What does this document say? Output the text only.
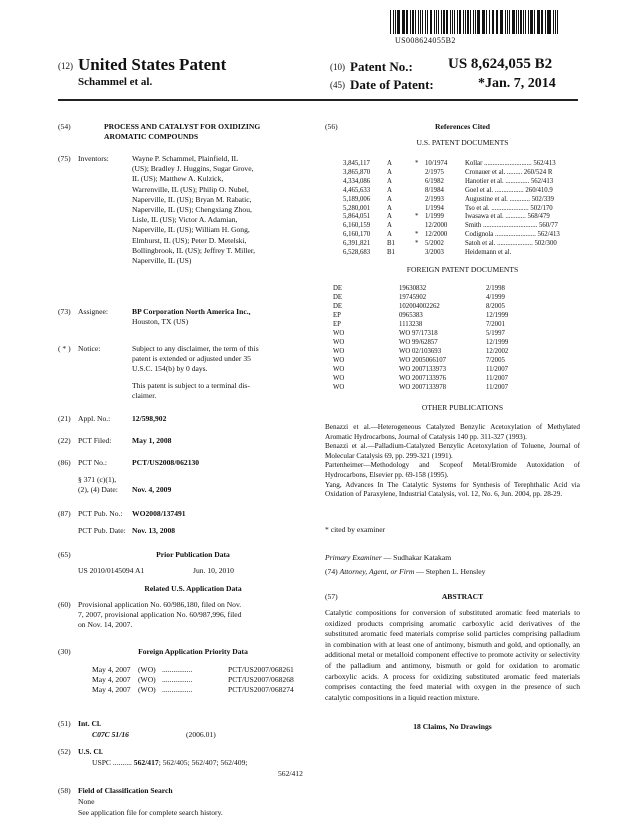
US008624055B2
(12) United States Patent
Schammel et al.
(10) Patent No.: US 8,624,055 B2
(45) Date of Patent:	*Jan. 7, 2014
(54)	PROCESS AND CATALYST FOR OXIDIZING
AROMATIC COMPOUNDS
(75) Inventors:	Wayne P. Schammel, Plainfield, IL
(US); Bradley J. Huggins, Sugar Grove,
IL (US); Matthew A. Kulzick,
Warrenville, IL (US); Philip O. Nubel,
Naperville, IL (US); Bryan M. Rabatic,
Naperville, IL (US); Chengxiang Zhou,
Lisle, IL (US); Victor A. Adamian,
Naperville, IL (US); William H. Gong,
Elmhurst, IL (US); Peter D. Metelski,
Bollingbrook, IL (US); Jeffrey T. Miller,
Naperville, IL (US)
(73) Assignee:	BP Corporation North America Inc.,
Houston, TX (US)
( * ) Notice:	Subject to any disclaimer, the term of this
patent is extended or adjusted under 35
U.S.C. 154(b) by 0 days.
This patent is subject to a terminal dis-
claimer.
(21) Appl. No.:	12/598,902
(22) PCT Filed:	May 1, 2008
(86) PCT No.:	PCT/US2008/062130
§ 371 (c)(1),
(2), (4) Date: Nov. 4, 2009
(87) PCT Pub. No.: WO2008/137491
PCT Pub. Date: Nov. 13, 2008
(65)	Prior Publication Data
US 2010/0145094 A1	Jun. 10, 2010
Related U.S. Application Data
(60) Provisional application No. 60/986,180, filed on Nov.
7, 2007, provisional application No. 60/987,996, filed
on Nov. 14, 2007.
(30)	Foreign Application Priority Data
May 4, 2007 (WO) ................	PCT/US2007/068261
May 4, 2007 (WO) ................	PCT/US2007/068268
May 4, 2007 (WO) ................	PCT/US2007/068274
(51) Int. Cl.
C07C 51/16	(2006.01)
(52) U.S. Cl.
USPC .......... 562/417; 562/405; 562/407; 562/409;
562/412
(58) Field of Classification Search
None
See application file for complete search history.
(56)	References Cited
U.S. PATENT DOCUMENTS
3,845,117	A	* 10/1974	Kollar ............................ 562/413
3,865,870	A	2/1975	Cronauer et al. ......... 260/524 R
4,334,086	A	6/1982	Hanotier et al. .............. 562/413
4,465,633	A	8/1984	Goel et al. ................. 260/410.9
5,189,006	A	2/1993	Augustine et al. ............ 502/339
5,280,001	A	1/1994	Tso et al. ...................... 502/170
5,864,051	A	* 1/1999	Iwasawa et al. ............ 568/479
6,160,159	A	12/2000	Smith ................................ 560/77
6,160,170	A	* 12/2000	Codignola ........................ 562/413
6,391,821	B1	* 5/2002	Satoh et al. ..................... 502/300
6,528,683	B1	3/2003	Heidemann et al.
FOREIGN PATENT DOCUMENTS
DE	19630832	2/1998
DE	19745902	4/1999
DE	102004002262	8/2005
EP	0965383	12/1999
EP	1113238	7/2001
WO	WO 97/17318	5/1997
WO	WO 99/62857	12/1999
WO	WO 02/103693	12/2002
WO	WO 2005066107	7/2005
WO	WO 2007133973	11/2007
WO	WO 2007133976	11/2007
WO	WO 2007133978	11/2007
OTHER PUBLICATIONS
Benazzi et al.—Heterogeneous Catalyzed Benzylic Acetoxylation of Methylated Aromatic Hydrocarbons, Journal of Catalysis 140 pp. 311-327 (1993).
Benazzi et al.—Palladium-Catalyzed Benzylic Acetoxylation of Toluene, Journal of Molecular Catalysis 69, pp. 299-321 (1991).
Partenheimer—Methodology and Scopeof Metal/Bromide Autoxidation of Hydrocarbons, Elsevier pp. 69-158 (1995).
Yang, Advances In The Catalytic Systems for Synthesis of Terephthalic Acid via Oxidation of Paraxylene, Industrial Catalysis, vol. 12, No. 6, Jun. 2004, pp. 28-29.
* cited by examiner
Primary Examiner — Sudhakar Katakam
(74) Attorney, Agent, or Firm — Stephen L. Hensley
(57)	ABSTRACT
Catalytic compositions for conversion of substituted aromatic feed materials to oxidized products comprising aromatic carboxylic acid derivatives of the substituted aromatic feed materials comprise solid particles comprising palladium in combination with at least one of antimony, bismuth and gold, and optionally, an additional metal or metalloid component effective to promote activity or selectivity of the palladium and antimony, bismuth or gold for oxidation to aromatic carboxylic acids. A process for oxidizing substituted aromatic feed materials comprises contacting the feed material with oxygen in the presence of such catalytic compositions in a liquid reaction mixture.
18 Claims, No Drawings
